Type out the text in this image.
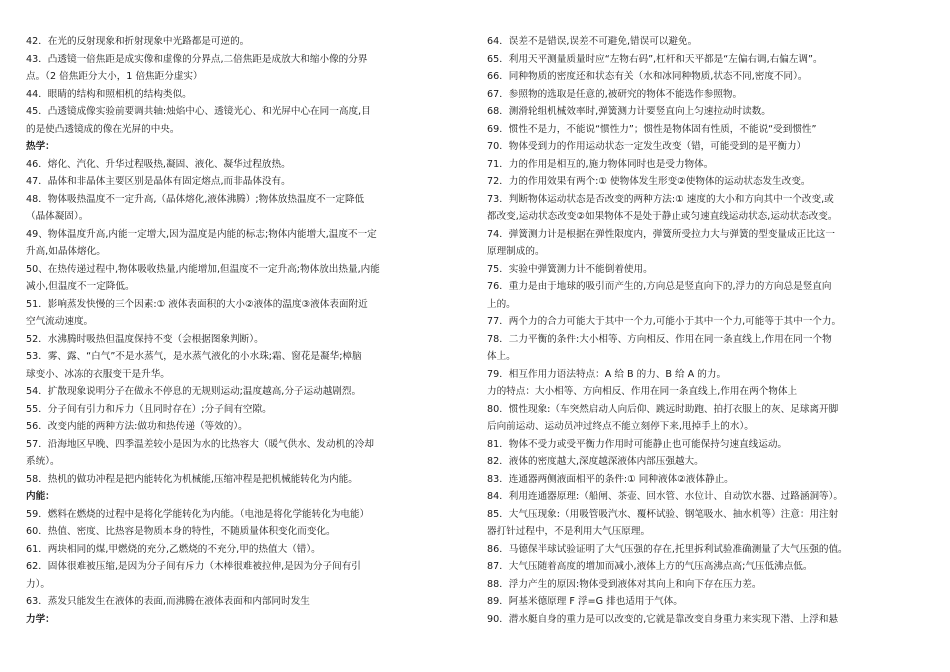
42．在光的反射现象和折射现象中光路都是可逆的。
43．凸透镜一倍焦距是成实像和虚像的分界点,二倍焦距是成放大和缩小像的分界
点。（2 倍焦距分大小，1 倍焦距分虚实）
44．眼睛的结构和照相机的结构类似。
45．凸透镜成像实验前要调共轴:烛焰中心、透镜光心、和光屏中心在同一高度,目
的是使凸透镜成的像在光屏的中央。
热学：
46．熔化、汽化、升华过程吸热,凝固、液化、凝华过程放热。
47．晶体和非晶体主要区别是晶体有固定熔点,而非晶体没有。
48．物体吸热温度不一定升高,（晶体熔化,液体沸腾）;物体放热温度不一定降低
（晶体凝固）。
49、物体温度升高,内能一定增大,因为温度是内能的标志;物体内能增大,温度不一定
升高,如晶体熔化。
50、在热传递过程中,物体吸收热量,内能增加,但温度不一定升高;物体放出热量,内能
减小,但温度不一定降低。
51．影响蒸发快慢的三个因素:① 液体表面积的大小②液体的温度③液体表面附近
空气流动速度。
52．水沸腾时吸热但温度保持不变（会根据图象判断）。
53．雾、露、“白气”不是水蒸气，是水蒸气液化的小水珠;霜、窗花是凝华;樟脑
球变小、冰冻的衣服变干是升华。
54．扩散现象说明分子在做永不停息的无规则运动;温度越高,分子运动越剧烈。
55．分子间有引力和斥力（且同时存在）;分子间有空隙。
56．改变内能的两种方法:做功和热传递（等效的）。
57．沿海地区早晚、四季温差较小是因为水的比热容大（暖气供水、发动机的冷却
系统）。
58．热机的做功冲程是把内能转化为机械能,压缩冲程是把机械能转化为内能。
内能：
59．燃料在燃烧的过程中是将化学能转化为内能。（电池是将化学能转化为电能）
60．热值、密度、比热容是物质本身的特性，不随质量体积变化而变化。
61．两块相同的煤,甲燃烧的充分,乙燃烧的不充分,甲的热值大（错）。
62．固体很难被压缩,是因为分子间有斥力（木棒很难被拉伸,是因为分子间有引
力）。
63．蒸发只能发生在液体的表面,而沸腾在液体表面和内部同时发生
力学：
64．误差不是错误,误差不可避免,错误可以避免。
65．利用天平测量质量时应“左物右码”,杠杆和天平都是“左偏右调,右偏左调”。
66．同种物质的密度还和状态有关（水和冰同种物质,状态不同,密度不同）。
67．参照物的选取是任意的,被研究的物体不能选作参照物。
68．测滑轮组机械效率时,弹簧测力计要竖直向上匀速拉动时读数。
69．惯性不是力，不能说“惯性力”；惯性是物体固有性质，不能说“受到惯性”
70．物体受到力的作用运动状态一定发生改变（错，可能受到的是平衡力）
71．力的作用是相互的,施力物体同时也是受力物体。
72．力的作用效果有两个:① 使物体发生形变②使物体的运动状态发生改变。
73．判断物体运动状态是否改变的两种方法:① 速度的大小和方向其中一个改变,或
都改变,运动状态改变②如果物体不是处于静止或匀速直线运动状态,运动状态改变。
74．弹簧测力计是根据在弹性限度内，弹簧所受拉力大与弹簧的型变量成正比这一
原理制成的。
75．实验中弹簧测力计不能倒着使用。
76．重力是由于地球的吸引而产生的,方向总是竖直向下的,浮力的方向总是竖直向
上的。
77．两个力的合力可能大于其中一个力,可能小于其中一个力,可能等于其中一个力。
78．二力平衡的条件:大小相等、方向相反、作用在同一条直线上,作用在同一个物
体上。
79．相互作用力语法特点：A 给 B 的力、B 给 A 的力。
力的特点：大小相等、方向相反、作用在同一条直线上,作用在两个物体上
80．惯性现象:（车突然启动人向后仰、跳远时助跑、拍打衣服上的灰、足球离开脚
后向前运动、运动员冲过终点不能立刻停下来,甩掉手上的水）。
81．物体不受力或受平衡力作用时可能静止也可能保持匀速直线运动。
82．液体的密度越大,深度越深液体内部压强越大。
83．连通器两侧液面相平的条件:① 同种液体②液体静止。
84．利用连通器原理:（船闸、茶壶、回水管、水位计、自动饮水器、过路涵洞等）。
85．大气压现象:（用吸管吸汽水、覆杯试验、钢笔吸水、抽水机等）注意：用注射
器打针过程中，不是利用大气压原理。
86．马德保半球试验证明了大气压强的存在,托里拆利试验准确测量了大气压强的值。
87．大气压随着高度的增加而减小,液体上方的气压高沸点高;气压低沸点低。
88．浮力产生的原因:物体受到液体对其向上和向下存在压力差。
89．阿基米德原理 F 浮=G 排也适用于气体。
90．潜水艇自身的重力是可以改变的,它就是靠改变自身重力来实现下潜、上浮和悬
